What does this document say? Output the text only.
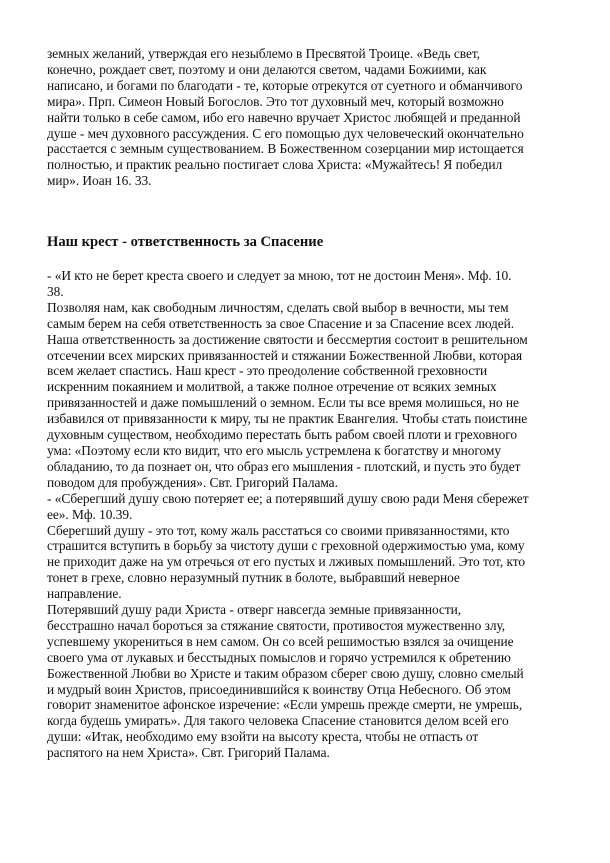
земных желаний, утверждая его незыблемо в Пресвятой Троице. «Ведь свет,
конечно, рождает свет, поэтому и они делаются светом, чадами Божиими, как
написано, и богами по благодати - те, которые отрекутся от суетного и обманчивого
мира». Прп. Симеон Новый Богослов. Это тот духовный меч, который возможно
найти только в себе самом, ибо его навечно вручает Христос любящей и преданной
душе - меч духовного рассуждения. С его помощью дух человеческий окончательно
расстается с земным существованием. В Божественном созерцании мир истощается
полностью, и практик реально постигает слова Христа: «Мужайтесь! Я победил
мир». Иоан 16. 33.
Наш крест - ответственность за Спасение
- «И кто не берет креста своего и следует за мною, тот не достоин Меня». Мф. 10.
38.
Позволяя нам, как свободным личностям, сделать свой выбор в вечности, мы тем
самым берем на себя ответственность за свое Спасение и за Спасение всех людей.
Наша ответственность за достижение святости и бессмертия состоит в решительном
отсечении всех мирских привязанностей и стяжании Божественной Любви, которая
всем желает спастись. Наш крест - это преодоление собственной греховности
искренним покаянием и молитвой, а также полное отречение от всяких земных
привязанностей и даже помышлений о земном. Если ты все время молишься, но не
избавился от привязанности к миру, ты не практик Евангелия. Чтобы стать поистине
духовным существом, необходимо перестать быть рабом своей плоти и греховного
ума: «Поэтому если кто видит, что его мысль устремлена к богатству и многому
обладанию, то да познает он, что образ его мышления - плотский, и пусть это будет
поводом для пробуждения». Свт. Григорий Палама.
- «Сберегший душу свою потеряет ее; а потерявший душу свою ради Меня сбережет
ее». Мф. 10.39.
Сберегший душу - это тот, кому жаль расстаться со своими привязанностями, кто
страшится вступить в борьбу за чистоту души с греховной одержимостью ума, кому
не приходит даже на ум отречься от его пустых и лживых помышлений. Это тот, кто
тонет в грехе, словно неразумный путник в болоте, выбравший неверное
направление.
Потерявший душу ради Христа - отверг навсегда земные привязанности,
бесстрашно начал бороться за стяжание святости, противостоя мужественно злу,
успевшему укорениться в нем самом. Он со всей решимостью взялся за очищение
своего ума от лукавых и бесстыдных помыслов и горячо устремился к обретению
Божественной Любви во Христе и таким образом сберег свою душу, словно смелый
и мудрый воин Христов, присоединившийся к воинству Отца Небесного. Об этом
говорит знаменитое афонское изречение: «Если умрешь прежде смерти, не умрешь,
когда будешь умирать». Для такого человека Спасение становится делом всей его
души: «Итак, необходимо ему взойти на высоту креста, чтобы не отпасть от
распятого на нем Христа». Свт. Григорий Палама.
